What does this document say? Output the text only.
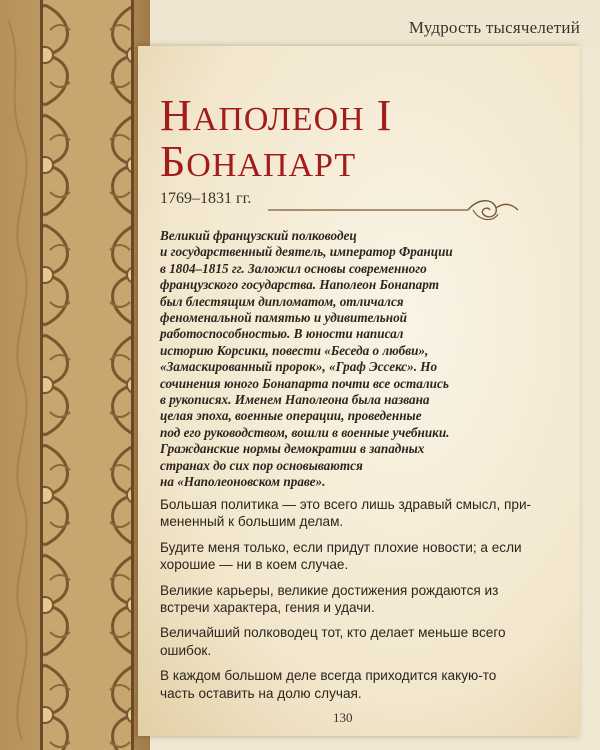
Мудрость тысячелетий
НАПОЛЕОН I
БОНАПАРТ
1769–1831 гг.
Великий французский полководец
и государственный деятель, император Франции
в 1804–1815 гг. Заложил основы современного
французского государства. Наполеон Бонапарт
был блестящим дипломатом, отличался
феноменальной памятью и удивительной
работоспособностью. В юности написал
историю Корсики, повести «Беседа о любви»,
«Замаскированный пророк», «Граф Эссекс». Но
сочинения юного Бонапарта почти все остались
в рукописях. Именем Наполеона была названа
целая эпоха, военные операции, проведенные
под его руководством, вошли в военные учебники.
Гражданские нормы демократии в западных
странах до сих пор основываются
на «Наполеоновском праве».
Большая политика — это всего лишь здравый смысл, при-
мененный к большим делам.
Будите меня только, если придут плохие новости; а если
хорошие — ни в коем случае.
Великие карьеры, великие достижения рождаются из
встречи характера, гения и удачи.
Величайший полководец тот, кто делает меньше всего
ошибок.
В каждом большом деле всегда приходится какую-то
часть оставить на долю случая.
130
